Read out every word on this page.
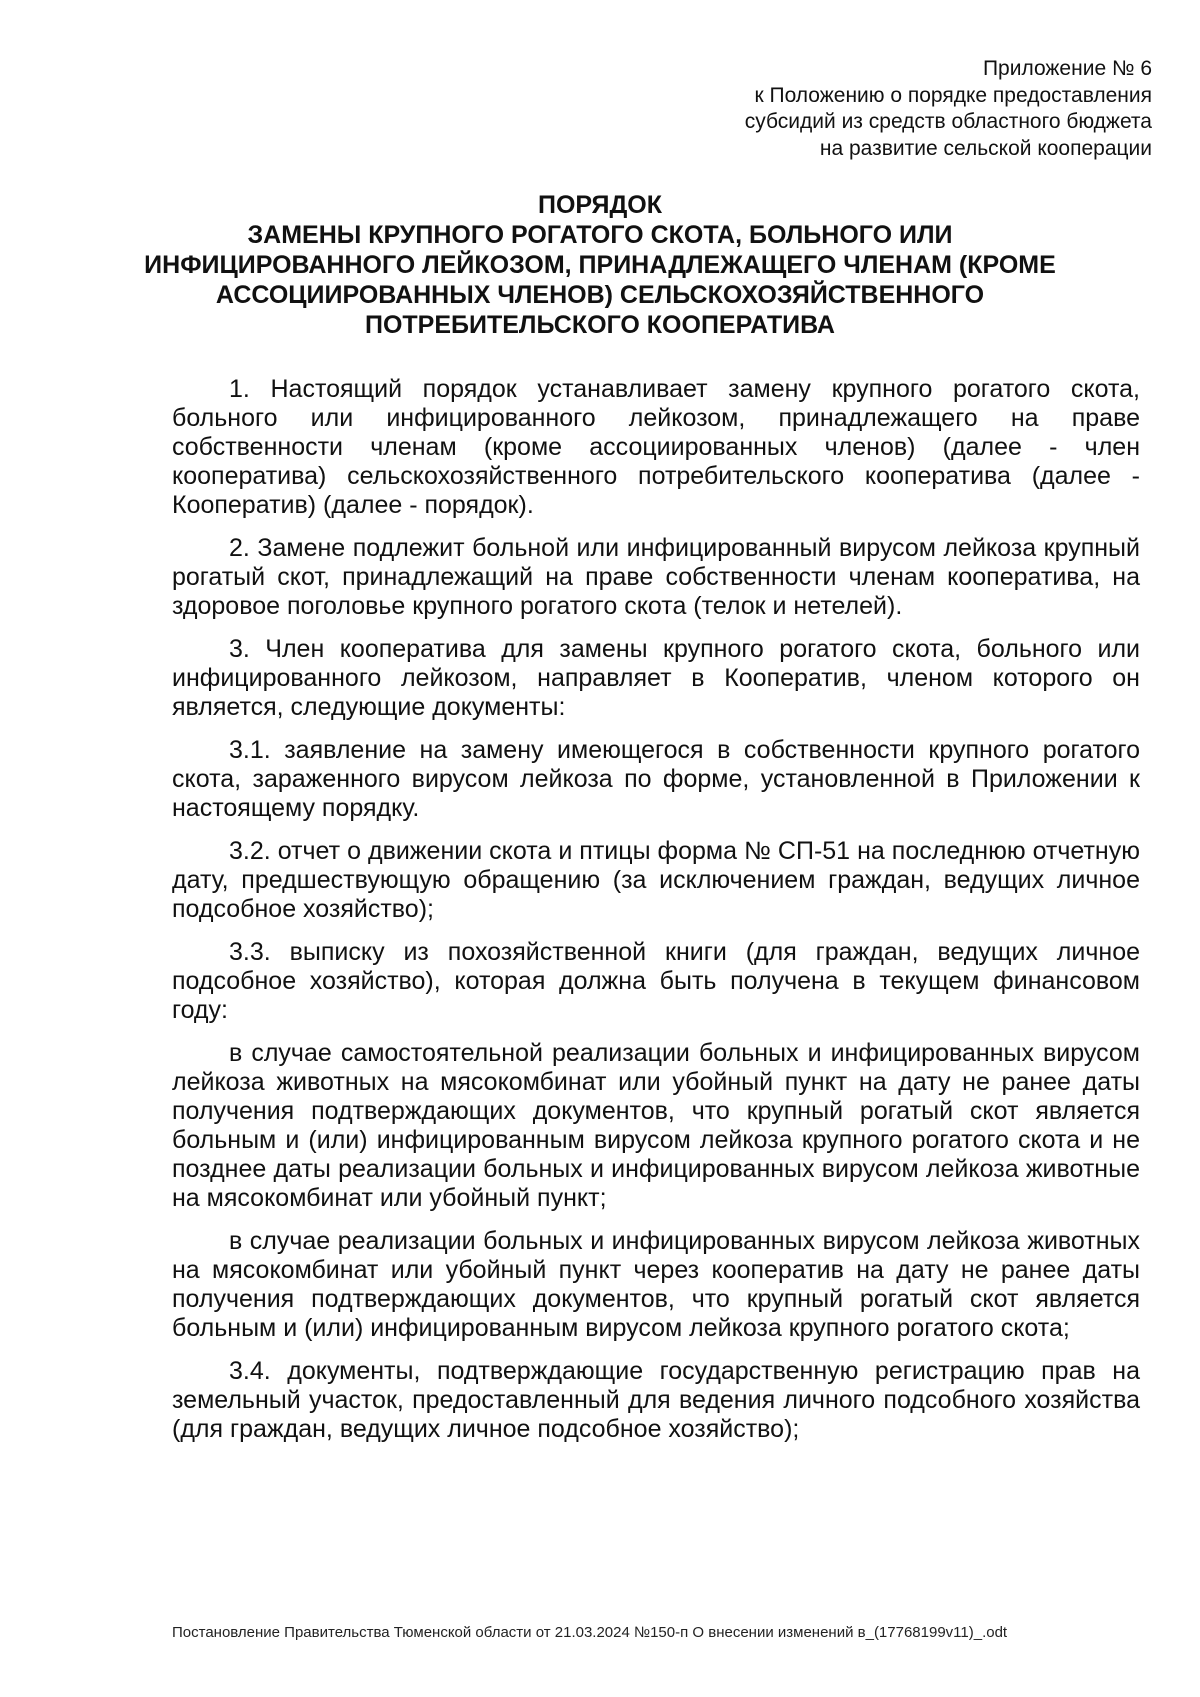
Приложение № 6
к Положению о порядке предоставления
субсидий из средств областного бюджета
на развитие сельской кооперации
ПОРЯДОК
ЗАМЕНЫ КРУПНОГО РОГАТОГО СКОТА, БОЛЬНОГО ИЛИ
ИНФИЦИРОВАННОГО ЛЕЙКОЗОМ, ПРИНАДЛЕЖАЩЕГО ЧЛЕНАМ (КРОМЕ
АССОЦИИРОВАННЫХ ЧЛЕНОВ) СЕЛЬСКОХОЗЯЙСТВЕННОГО
ПОТРЕБИТЕЛЬСКОГО КООПЕРАТИВА

1. Настоящий порядок устанавливает замену крупного рогатого скота, больного или инфицированного лейкозом, принадлежащего на праве собственности членам (кроме ассоциированных членов) (далее - член кооператива) сельскохозяйственного потребительского кооператива (далее - Кооператив) (далее - порядок).

2. Замене подлежит больной или инфицированный вирусом лейкоза крупный рогатый скот, принадлежащий на праве собственности членам кооператива, на здоровое поголовье крупного рогатого скота (телок и нетелей).

3. Член кооператива для замены крупного рогатого скота, больного или инфицированного лейкозом, направляет в Кооператив, членом которого он является, следующие документы:

3.1. заявление на замену имеющегося в собственности крупного рогатого скота, зараженного вирусом лейкоза по форме, установленной в Приложении к настоящему порядку.

3.2. отчет о движении скота и птицы форма № СП-51 на последнюю отчетную дату, предшествующую обращению (за исключением граждан, ведущих личное подсобное хозяйство);

3.3. выписку из похозяйственной книги (для граждан, ведущих личное подсобное хозяйство), которая должна быть получена в текущем финансовом году:

в случае самостоятельной реализации больных и инфицированных вирусом лейкоза животных на мясокомбинат или убойный пункт на дату не ранее даты получения подтверждающих документов, что крупный рогатый скот является больным и (или) инфицированным вирусом лейкоза крупного рогатого скота и не позднее даты реализации больных и инфицированных вирусом лейкоза животные на мясокомбинат или убойный пункт;

в случае реализации больных и инфицированных вирусом лейкоза животных на мясокомбинат или убойный пункт через кооператив на дату не ранее даты получения подтверждающих документов, что крупный рогатый скот является больным и (или) инфицированным вирусом лейкоза крупного рогатого скота;

3.4. документы, подтверждающие государственную регистрацию прав на земельный участок, предоставленный для ведения личного подсобного хозяйства (для граждан, ведущих личное подсобное хозяйство);

Постановление Правительства Тюменской области от 21.03.2024 №150-п О внесении изменений в_(17768199v11)_.odt
